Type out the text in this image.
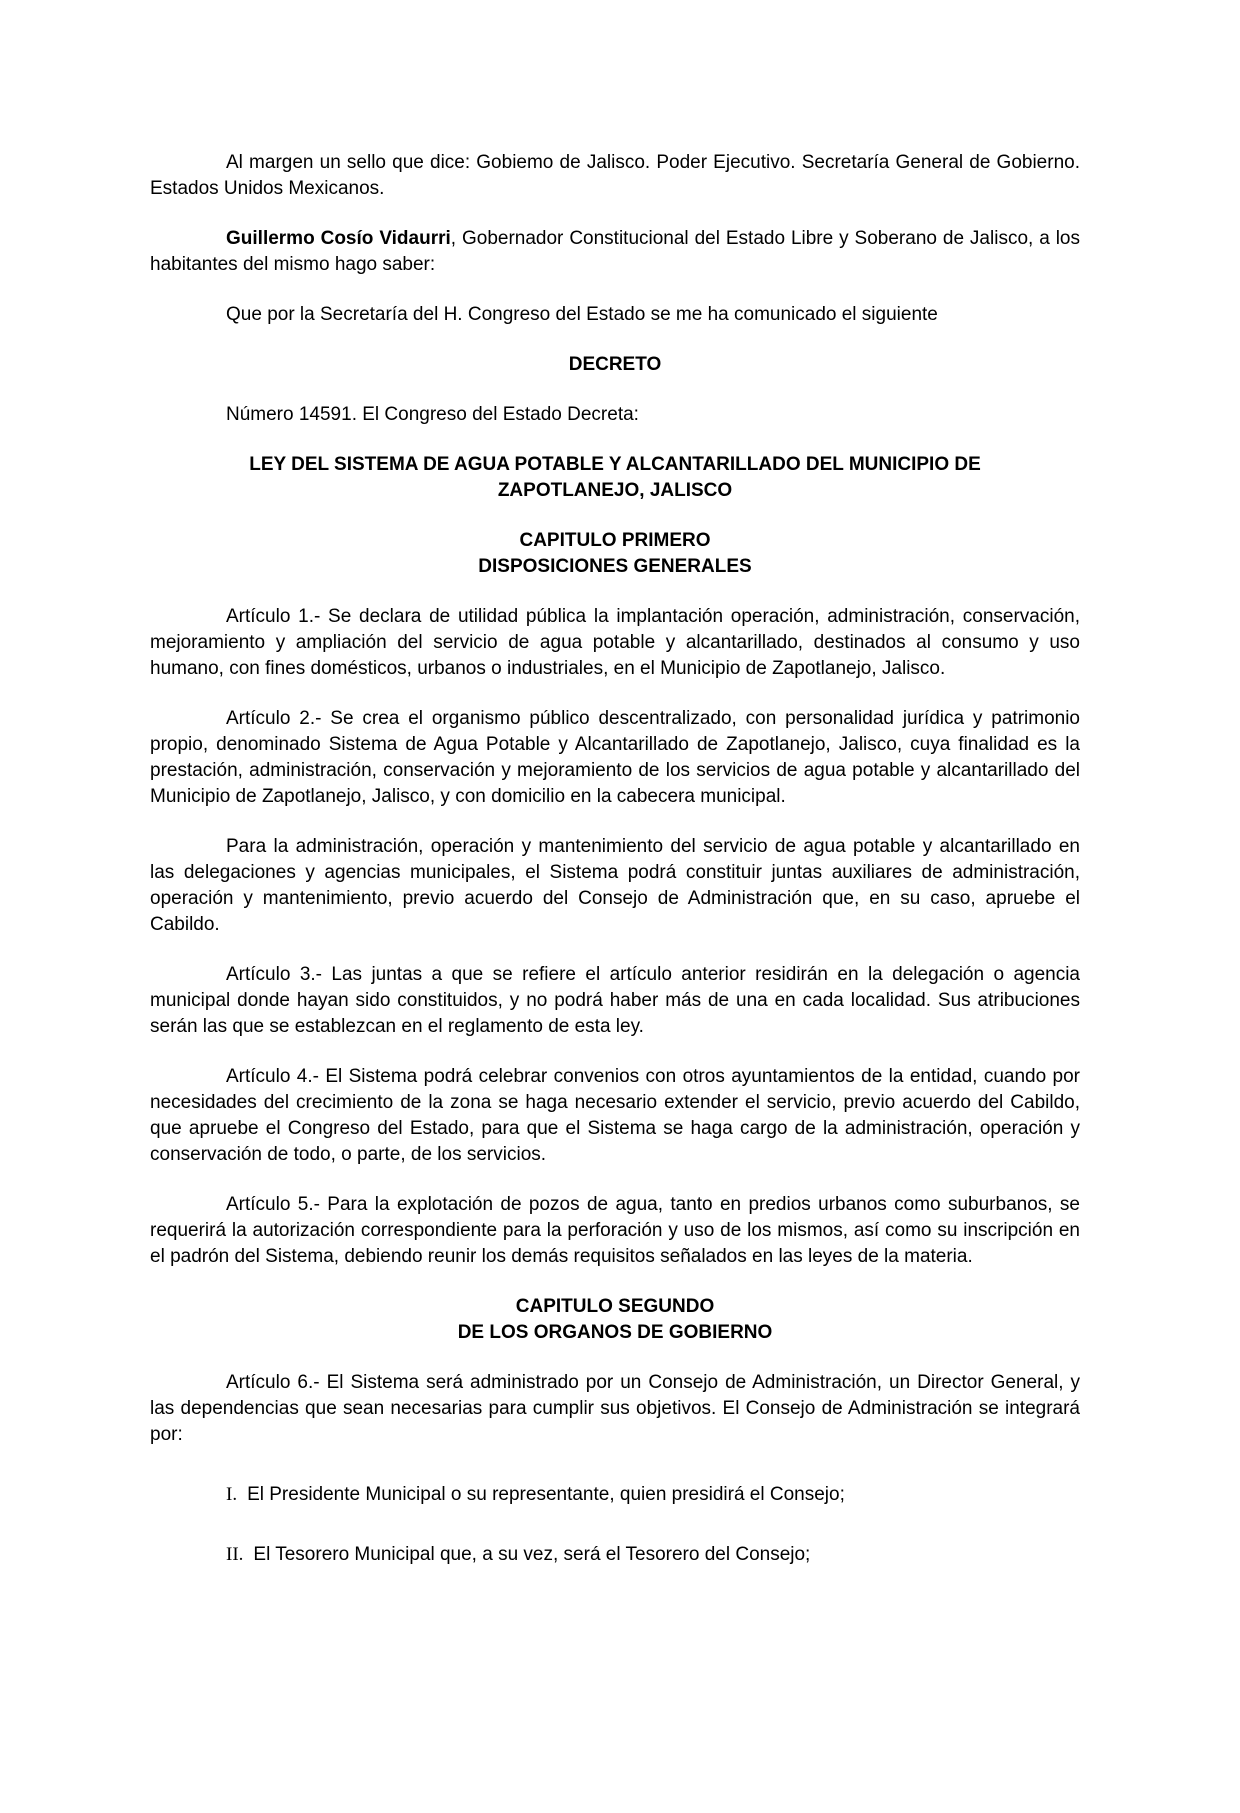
Al margen un sello que dice: Gobiemo de Jalisco. Poder Ejecutivo. Secretaría General de Gobierno. Estados Unidos Mexicanos.

Guillermo Cosío Vidaurri, Gobernador Constitucional del Estado Libre y Soberano de Jalisco, a los habitantes del mismo hago saber:

Que por la Secretaría del H. Congreso del Estado se me ha comunicado el siguiente

DECRETO

Número 14591. El Congreso del Estado Decreta:

LEY DEL SISTEMA DE AGUA POTABLE Y ALCANTARILLADO DEL MUNICIPIO DE

ZAPOTLANEJO, JALISCO

CAPITULO PRIMERO

DISPOSICIONES GENERALES

Artículo 1.- Se declara de utilidad pública la implantación operación, administración, conservación, mejoramiento y ampliación del servicio de agua potable y alcantarillado, destinados al consumo y uso humano, con fines domésticos, urbanos o industriales, en el Municipio de Zapotlanejo, Jalisco.

Artículo 2.- Se crea el organismo público descentralizado, con personalidad jurídica y patrimonio propio, denominado Sistema de Agua Potable y Alcantarillado de Zapotlanejo, Jalisco, cuya finalidad es la prestación, administración, conservación y mejoramiento de los servicios de agua potable y alcantarillado del Municipio de Zapotlanejo, Jalisco, y con domicilio en la cabecera municipal.

Para la administración, operación y mantenimiento del servicio de agua potable y alcantarillado en las delegaciones y agencias municipales, el Sistema podrá constituir juntas auxiliares de administración, operación y mantenimiento, previo acuerdo del Consejo de Administración que, en su caso, apruebe el Cabildo.

Artículo 3.- Las juntas a que se refiere el artículo anterior residirán en la delegación o agencia municipal donde hayan sido constituidos, y no podrá haber más de una en cada localidad. Sus atribuciones serán las que se establezcan en el reglamento de esta ley.

Artículo 4.- El Sistema podrá celebrar convenios con otros ayuntamientos de la entidad, cuando por necesidades del crecimiento de la zona se haga necesario extender el servicio, previo acuerdo del Cabildo, que apruebe el Congreso del Estado, para que el Sistema se haga cargo de la administración, operación y conservación de todo, o parte, de los servicios.

Artículo 5.- Para la explotación de pozos de agua, tanto en predios urbanos como suburbanos, se requerirá la autorización correspondiente para la perforación y uso de los mismos, así como su inscripción en el padrón del Sistema, debiendo reunir los demás requisitos señalados en las leyes de la materia.

CAPITULO SEGUNDO

DE LOS ORGANOS DE GOBIERNO

Artículo 6.- El Sistema será administrado por un Consejo de Administración, un Director General, y las dependencias que sean necesarias para cumplir sus objetivos. El Consejo de Administración se integrará por:

I. El Presidente Municipal o su representante, quien presidirá el Consejo;

II. El Tesorero Municipal que, a su vez, será el Tesorero del Consejo;
